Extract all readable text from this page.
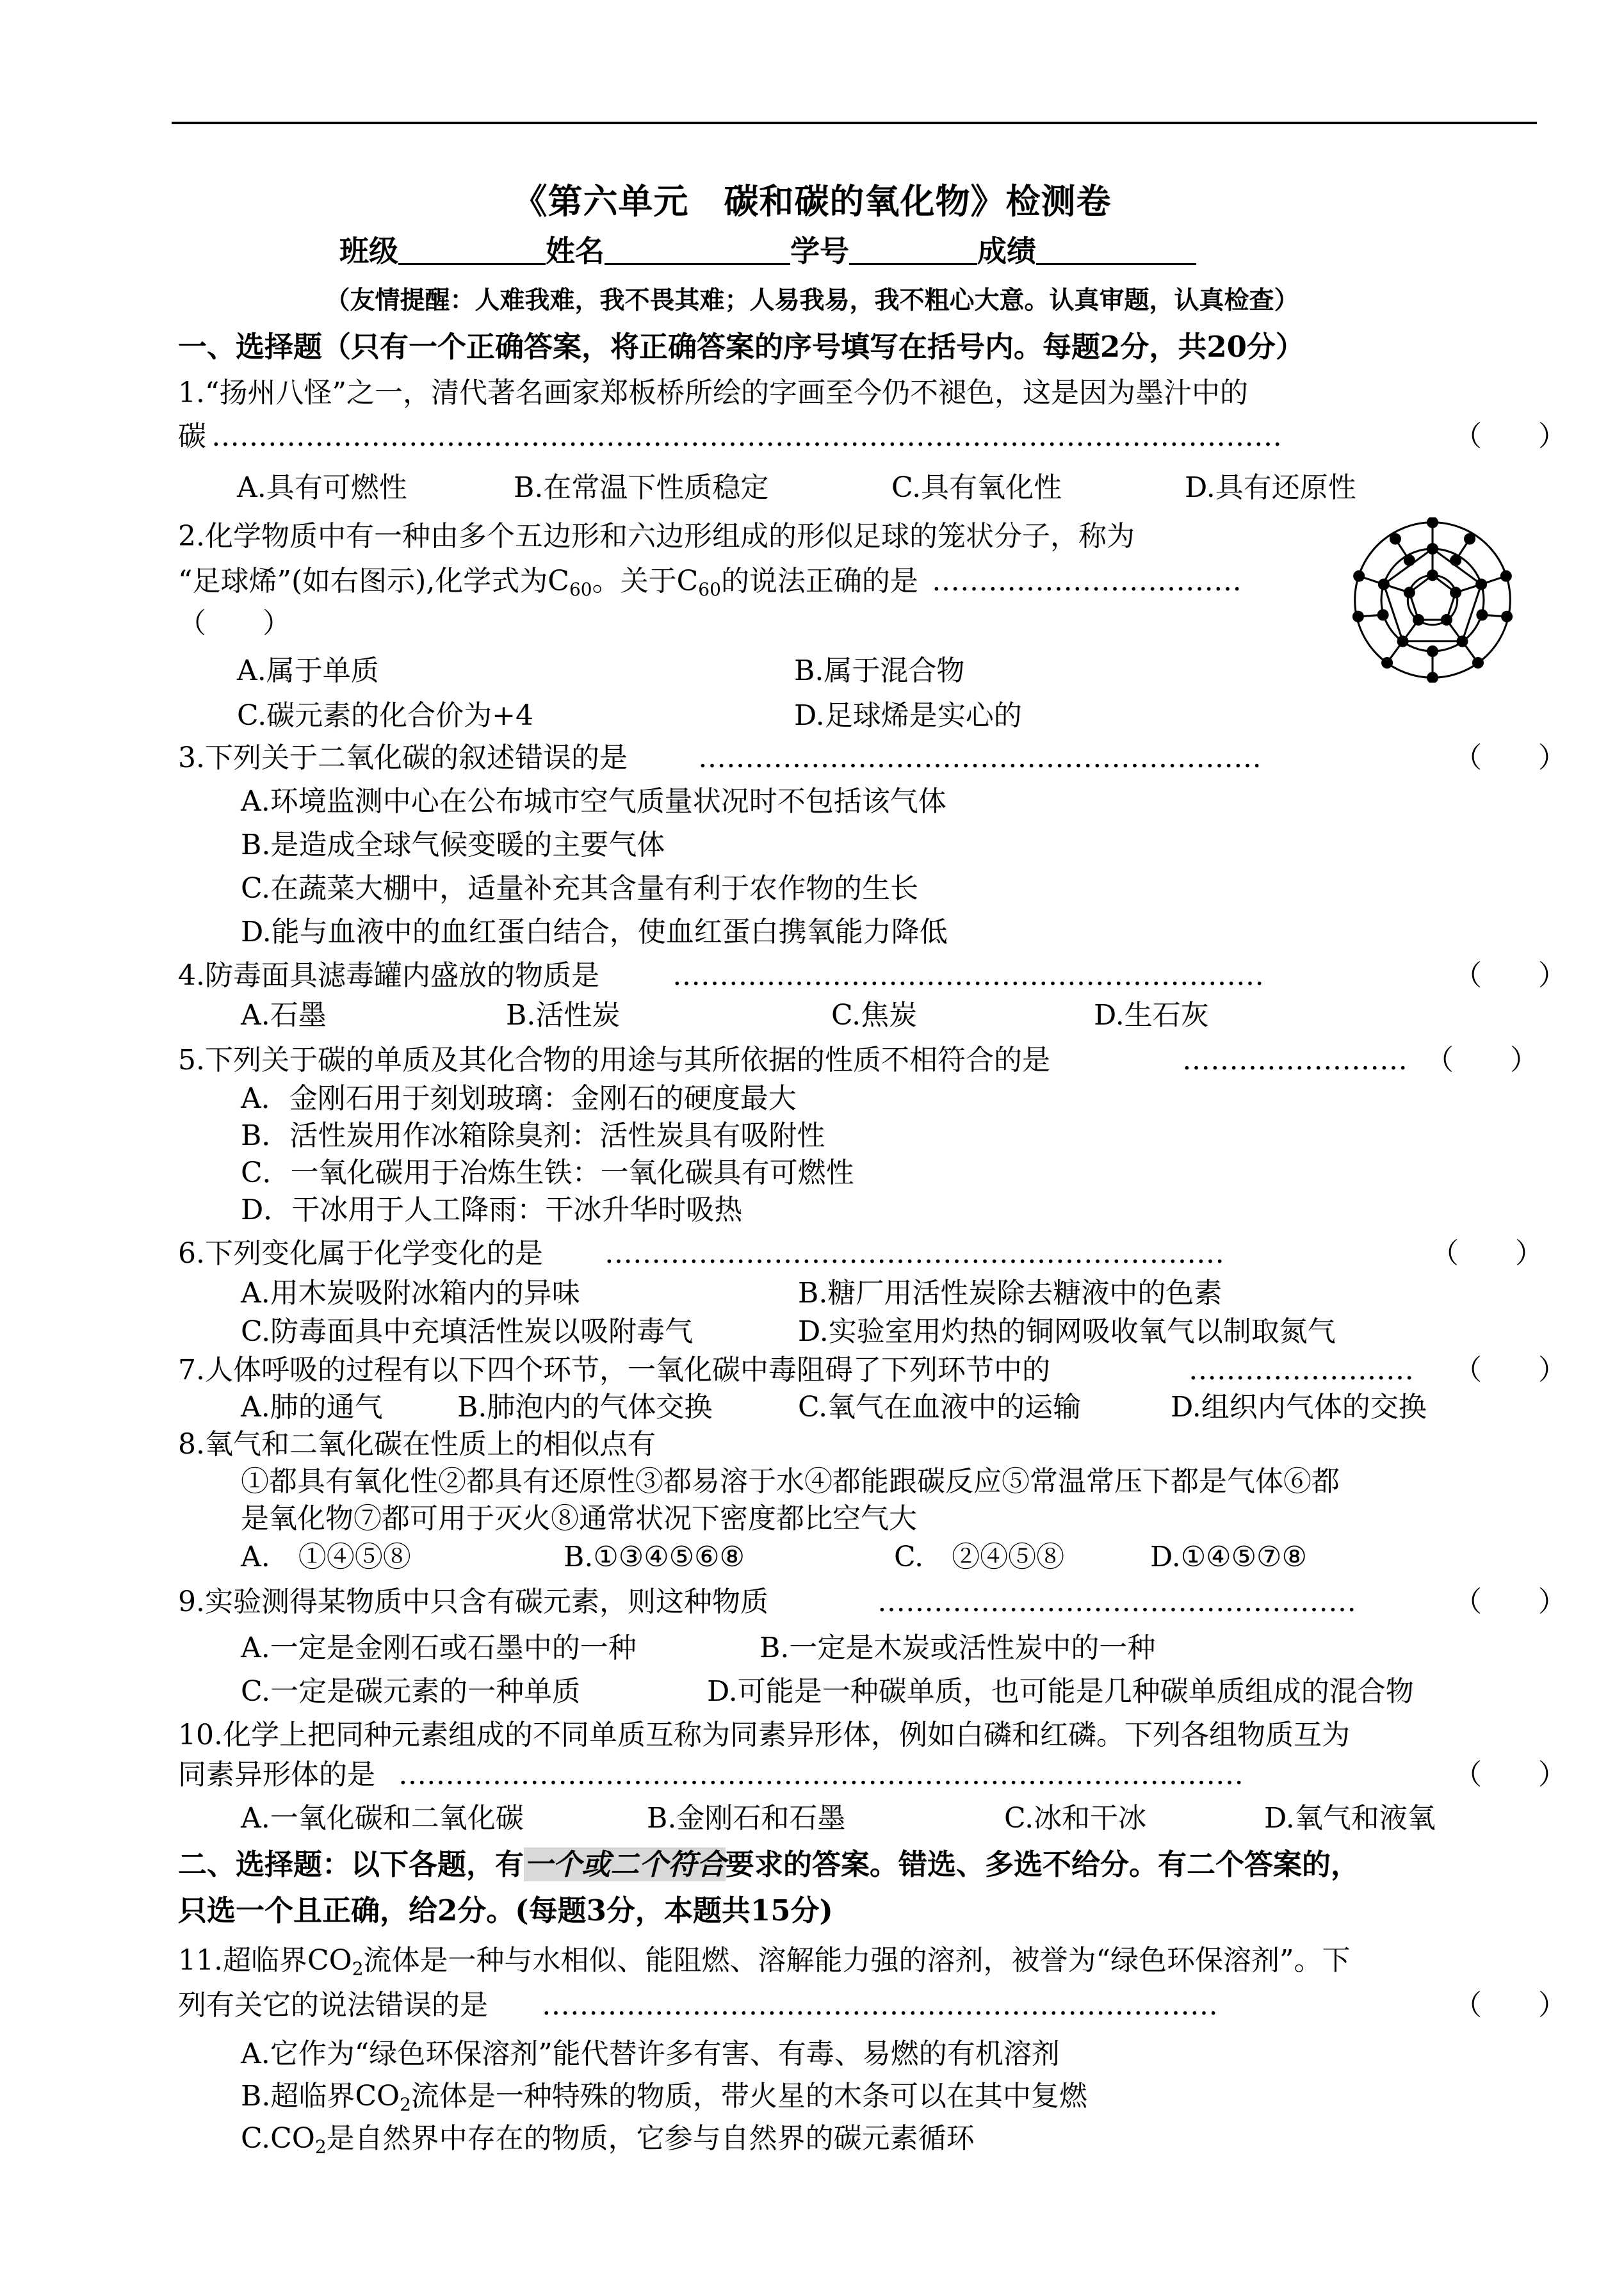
《第六单元　碳和碳的氧化物》检测卷
班级	姓名	学号	成绩
（友情提醒：人难我难，我不畏其难；人易我易，我不粗心大意。认真审题，认真检查）
一、选择题（只有一个正确答案，将正确答案的序号填写在括号内。每题2分，共20分）
1.“扬州八怪”之一，清代著名画家郑板桥所绘的字画至今仍不褪色，这是因为墨汁中的
碳 ……………………………………………………………………………………………………	（　　）
A.具有可燃性	B.在常温下性质稳定	C.具有氧化性	D.具有还原性
2.化学物质中有一种由多个五边形和六边形组成的形似足球的笼状分子，称为
“足球烯”(如右图示),化学式为$C_{60}$。关于$C_{60}$的说法正确的是 ……………………………
（　　）
A.属于单质	B.属于混合物
C.碳元素的化合价为+4	D.足球烯是实心的
3.下列关于二氧化碳的叙述错误的是	……………………………………………………	（　　）
A.环境监测中心在公布城市空气质量状况时不包括该气体
B.是造成全球气候变暖的主要气体
C.在蔬菜大棚中，适量补充其含量有利于农作物的生长
D.能与血液中的血红蛋白结合，使血红蛋白携氧能力降低
4.防毒面具滤毒罐内盛放的物质是	………………………………………………………	（　　）
A.石墨	B.活性炭	C.焦炭	D.生石灰
5.下列关于碳的单质及其化合物的用途与其所依据的性质不相符合的是	…………………… （　　）
A．金刚石用于刻划玻璃：金刚石的硬度最大
B．活性炭用作冰箱除臭剂：活性炭具有吸附性
C．一氧化碳用于冶炼生铁：一氧化碳具有可燃性
D．干冰用于人工降雨：干冰升华时吸热
6.下列变化属于化学变化的是 …………………………………………………………	（　　）
A.用木炭吸附冰箱内的异味	B.糖厂用活性炭除去糖液中的色素
C.防毒面具中充填活性炭以吸附毒气	D.实验室用灼热的铜网吸收氧气以制取氮气
7.人体呼吸的过程有以下四个环节，一氧化碳中毒阻碍了下列环节中的	……………………	（　　）
A.肺的通气	B.肺泡内的气体交换	C.氧气在血液中的运输	D.组织内气体的交换
8.氧气和二氧化碳在性质上的相似点有
①都具有氧化性②都具有还原性③都易溶于水④都能跟碳反应⑤常温常压下都是气体⑥都
是氧化物⑦都可用于灭火⑧通常状况下密度都比空气大
A.　①④⑤⑧	B.①③④⑤⑥⑧	C.　②④⑤⑧	D.①④⑤⑦⑧
9.实验测得某物质中只含有碳元素，则这种物质	……………………………………………	（　　）
A.一定是金刚石或石墨中的一种	B.一定是木炭或活性炭中的一种
C.一定是碳元素的一种单质	D.可能是一种碳单质，也可能是几种碳单质组成的混合物
10.化学上把同种元素组成的不同单质互称为同素异形体，例如白磷和红磷。下列各组物质互为
同素异形体的是 ………………………………………………………………………………	（　　）
A.一氧化碳和二氧化碳	B.金刚石和石墨	C.冰和干冰	D.氧气和液氧
二、选择题：以下各题，有一个或二个符合要求的答案。错选、多选不给分。有二个答案的，
只选一个且正确，给2分。(每题3分，本题共15分)
11.超临界$CO_2$流体是一种与水相似、能阻燃、溶解能力强的溶剂，被誉为“绿色环保溶剂”。下
列有关它的说法错误的是 ………………………………………………………………	（　　）
A.它作为“绿色环保溶剂”能代替许多有害、有毒、易燃的有机溶剂
B.超临界$CO_2$流体是一种特殊的物质，带火星的木条可以在其中复燃
$C.CO_2$是自然界中存在的物质，它参与自然界的碳元素循环
